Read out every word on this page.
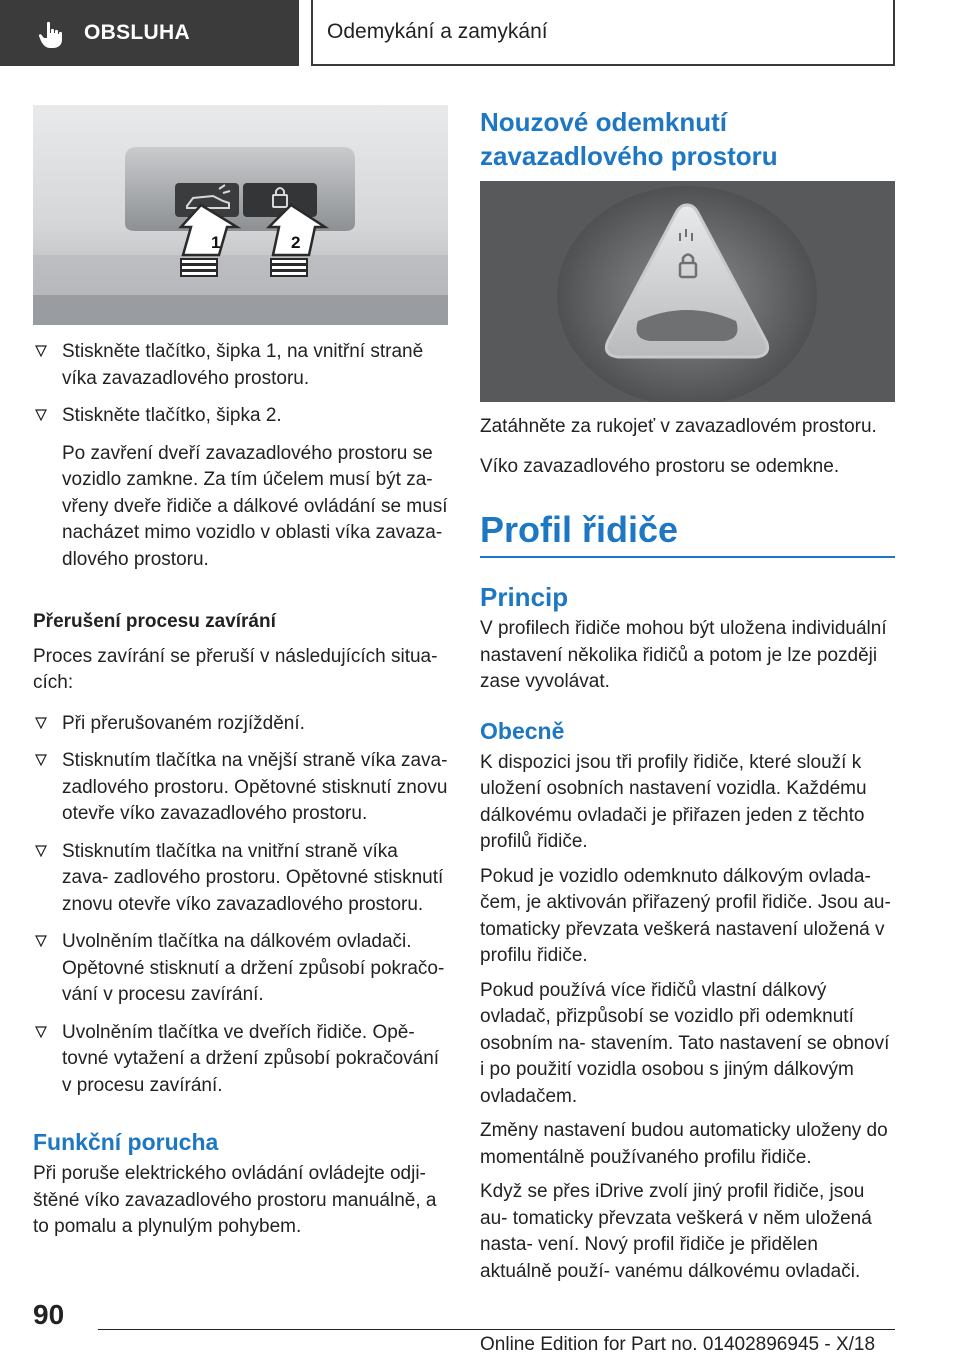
OBSLUHA	Odemykání a zamykání
1	2
Stiskněte tlačítko, šipka 1, na vnitřní straně víka zavazadlového prostoru.
Stiskněte tlačítko, šipka 2.
Po zavření dveří zavazadlového prostoru se vozidlo zamkne. Za tím účelem musí být za- vřeny dveře řidiče a dálkové ovládání se musí nacházet mimo vozidlo v oblasti víka zavaza- dlového prostoru.
Přerušení procesu zavírání

Proces zavírání se přeruší v následujících situa- cích:

Při přerušovaném rozjíždění.
Stisknutím tlačítka na vnější straně víka zava- zadlového prostoru. Opětovné stisknutí znovu otevře víko zavazadlového prostoru.
Stisknutím tlačítka na vnitřní straně víka zava- zadlového prostoru. Opětovné stisknutí znovu otevře víko zavazadlového prostoru.
Uvolněním tlačítka na dálkovém ovladači. Opětovné stisknutí a držení způsobí pokračo- vání v procesu zavírání.
Uvolněním tlačítka ve dveřích řidiče. Opě- tovné vytažení a držení způsobí pokračování v procesu zavírání.
Funkční porucha

Při poruše elektrického ovládání ovládejte odji- štěné víko zavazadlového prostoru manuálně, a to pomalu a plynulým pohybem.

Nouzové odemknutí zavazadlového prostoru

Zatáhněte za rukojeť v zavazadlovém prostoru.

Víko zavazadlového prostoru se odemkne.

Profil řidiče
Princip

V profilech řidiče mohou být uložena individuální nastavení několika řidičů a potom je lze později zase vyvolávat.

Obecně

K dispozici jsou tři profily řidiče, které slouží k uložení osobních nastavení vozidla. Každému dálkovému ovladači je přiřazen jeden z těchto profilů řidiče.

Pokud je vozidlo odemknuto dálkovým ovlada- čem, je aktivován přiřazený profil řidiče. Jsou au- tomaticky převzata veškerá nastavení uložená v profilu řidiče.

Pokud používá více řidičů vlastní dálkový ovladač, přizpůsobí se vozidlo při odemknutí osobním na- stavením. Tato nastavení se obnoví i po použití vozidla osobou s jiným dálkovým ovladačem.

Změny nastavení budou automaticky uloženy do momentálně používaného profilu řidiče.

Když se přes iDrive zvolí jiný profil řidiče, jsou au- tomaticky převzata veškerá v něm uložená nasta- vení. Nový profil řidiče je přidělen aktuálně použí- vanému dálkovému ovladači.

90
Online Edition for Part no. 01402896945 - X/18
